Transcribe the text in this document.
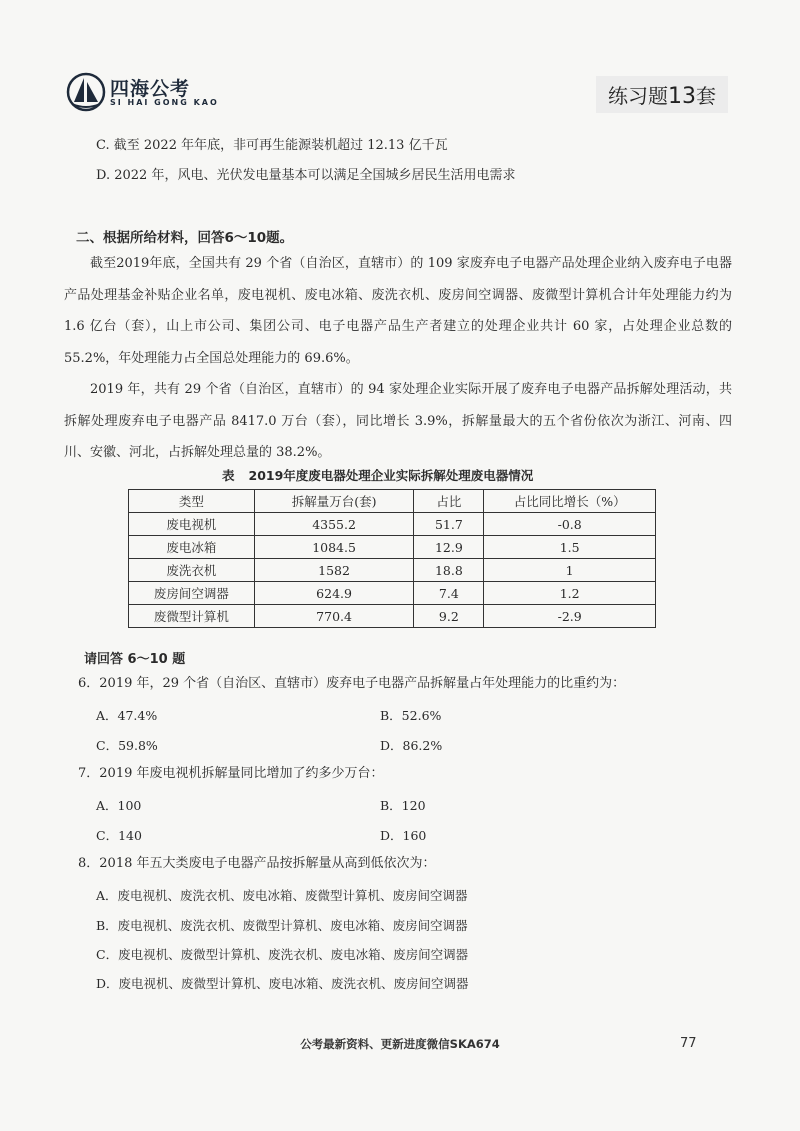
四海公考
SI HAI GONG KAO	练习题13套
C. 截至 2022 年年底，非可再生能源装机超过 12.13 亿千瓦
D. 2022 年，风电、光伏发电量基本可以满足全国城乡居民生活用电需求
二、根据所给材料，回答6～10题。

截至2019年底，全国共有 29 个省（自治区，直辖市）的 109 家废弃电子电器产品处理企业纳入废弃电子电器产品处理基金补贴企业名单，废电视机、废电冰箱、废洗衣机、废房间空调器、废微型计算机合计年处理能力约为 1.6 亿台（套），山上市公司、集团公司、电子电器产品生产者建立的处理企业共计 60 家，占处理企业总数的 55.2%，年处理能力占全国总处理能力的 69.6%。

2019 年，共有 29 个省（自治区，直辖市）的 94 家处理企业实际开展了废弃电子电器产品拆解处理活动，共拆解处理废弃电子电器产品 8417.0 万台（套），同比增长 3.9%，拆解量最大的五个省份依次为浙江、河南、四川、安徽、河北，占拆解处理总量的 38.2%。

表 2019年度废电器处理企业实际拆解处理废电器情况
类型	拆解量万台(套)	占比	占比同比增长（%）
废电视机	4355.2	51.7	-0.8
废电冰箱	1084.5	12.9	1.5
废洗衣机	1582	18.8	1
废房间空调器	624.9	7.4	1.2
废微型计算机	770.4	9.2	-2.9
请回答 6～10 题
6．2019 年，29 个省（自治区、直辖市）废弃电子电器产品拆解量占年处理能力的比重约为：
A．47.4%	B．52.6%
C．59.8%	D．86.2%
7．2019 年废电视机拆解量同比增加了约多少万台：
A．100	B．120
C．140	D．160
8．2018 年五大类废电子电器产品按拆解量从高到低依次为：
A．废电视机、废洗衣机、废电冰箱、废微型计算机、废房间空调器
B．废电视机、废洗衣机、废微型计算机、废电冰箱、废房间空调器
C．废电视机、废微型计算机、废洗衣机、废电冰箱、废房间空调器
D．废电视机、废微型计算机、废电冰箱、废洗衣机、废房间空调器
公考最新资料、更新进度微信SKA674	77
